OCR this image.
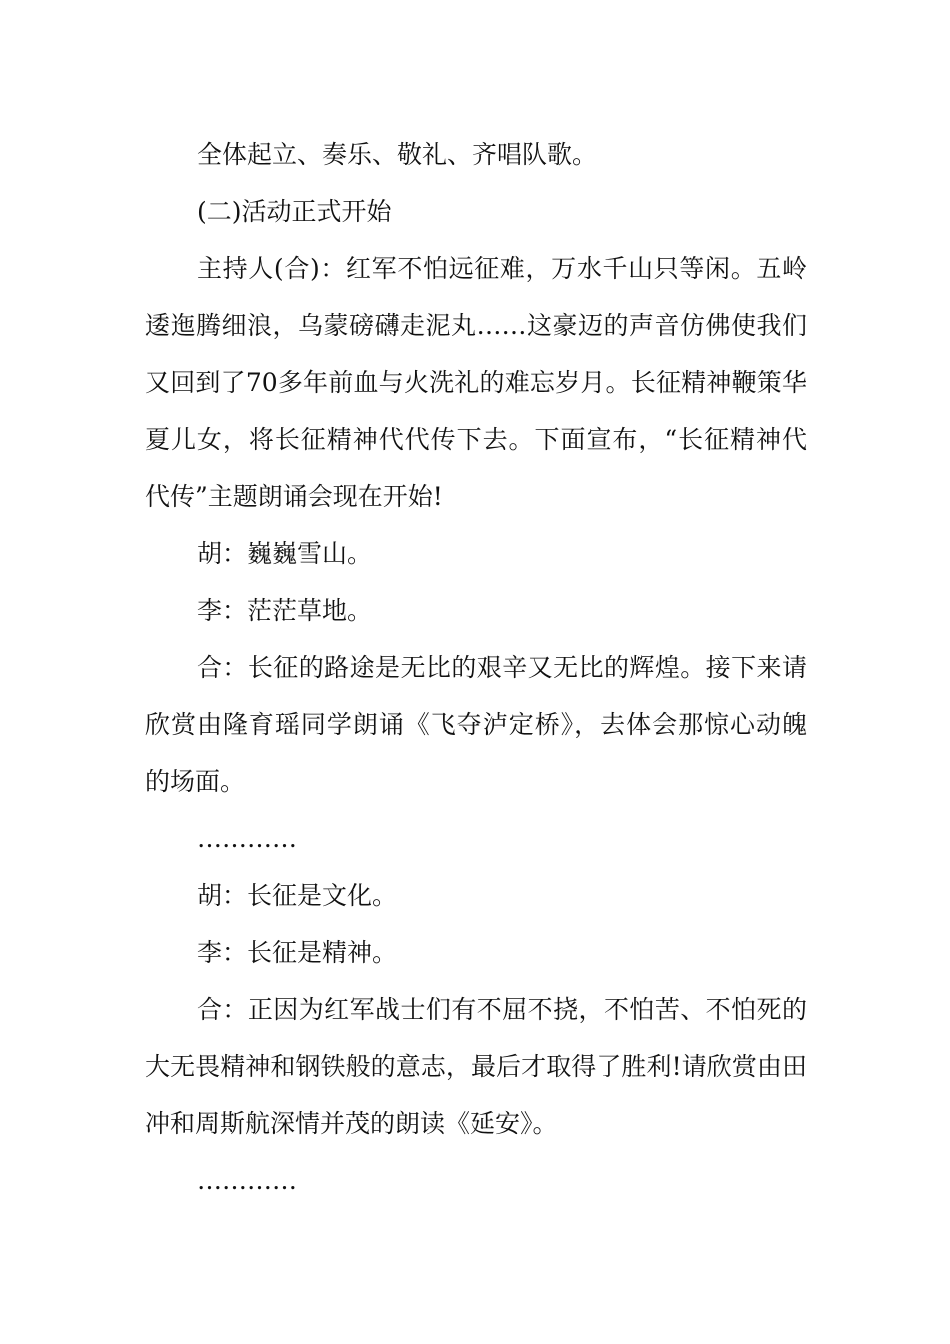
全体起立、奏乐、敬礼、齐唱队歌。

(二)活动正式开始

主持人(合)：红军不怕远征难，万水千山只等闲。五岭逶迤腾细浪，乌蒙磅礴走泥丸……这豪迈的声音仿佛使我们又回到了70多年前血与火洗礼的难忘岁月。长征精神鞭策华夏儿女，将长征精神代代传下去。下面宣布，“长征精神代代传”主题朗诵会现在开始!

胡：巍巍雪山。

李：茫茫草地。

合：长征的路途是无比的艰辛又无比的辉煌。接下来请欣赏由隆育瑶同学朗诵《飞夺泸定桥》，去体会那惊心动魄的场面。

…………

胡：长征是文化。

李：长征是精神。

合：正因为红军战士们有不屈不挠，不怕苦、不怕死的大无畏精神和钢铁般的意志，最后才取得了胜利!请欣赏由田冲和周斯航深情并茂的朗读《延安》。

…………
